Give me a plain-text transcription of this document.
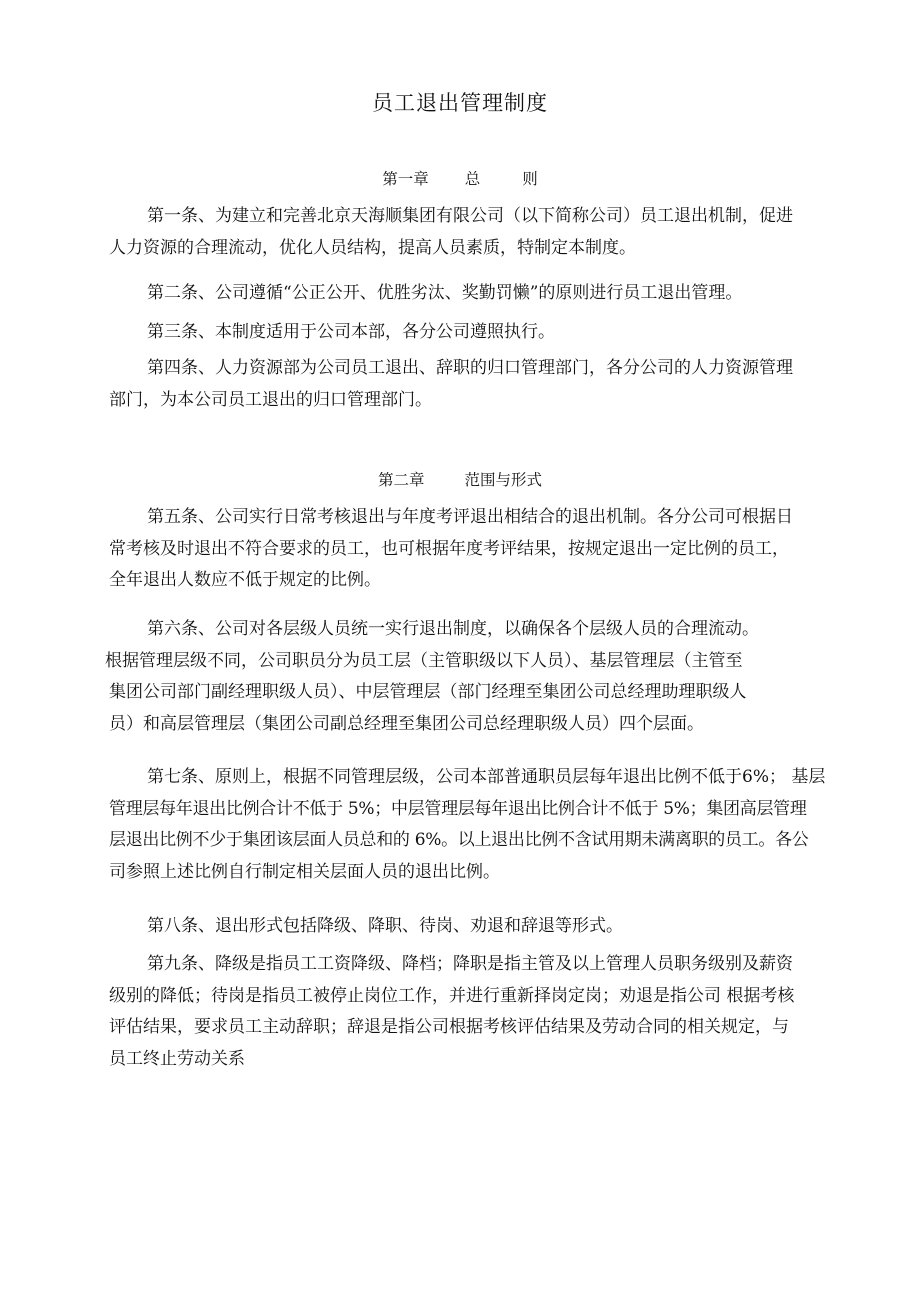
员工退出管理制度
第一章 总	则
第一条、为建立和完善北京天海顺集团有限公司（以下简称公司）员工退出机制，促进
人力资源的合理流动，优化人员结构，提高人员素质，特制定本制度。
第二条、公司遵循“公正公开、优胜劣汰、奖勤罚懒”的原则进行员工退出管理。
第三条、本制度适用于公司本部，各分公司遵照执行。
第四条、人力资源部为公司员工退出、辞职的归口管理部门，各分公司的人力资源管理
部门，为本公司员工退出的归口管理部门。
第二章	范围与形式
第五条、公司实行日常考核退出与年度考评退出相结合的退出机制。各分公司可根据日
常考核及时退出不符合要求的员工，也可根据年度考评结果，按规定退出一定比例的员工，
全年退出人数应不低于规定的比例。
第六条、公司对各层级人员统一实行退出制度，以确保各个层级人员的合理流动。
根据管理层级不同，公司职员分为员工层（主管职级以下人员）、基层管理层（主管至
集团公司部门副经理职级人员）、中层管理层（部门经理至集团公司总经理助理职级人
员）和高层管理层（集团公司副总经理至集团公司总经理职级人员）四个层面。
第七条、原则上，根据不同管理层级，公司本部普通职员层每年退出比例不低于6%； 基层
管理层每年退出比例合计不低于 5%；中层管理层每年退出比例合计不低于 5%；集团高层管理
层退出比例不少于集团该层面人员总和的 6%。以上退出比例不含试用期未满离职的员工。各公
司参照上述比例自行制定相关层面人员的退出比例。
第八条、退出形式包括降级、降职、待岗、劝退和辞退等形式。
第九条、降级是指员工工资降级、降档；降职是指主管及以上管理人员职务级别及薪资
级别的降低；待岗是指员工被停止岗位工作，并进行重新择岗定岗；劝退是指公司 根据考核
评估结果，要求员工主动辞职；辞退是指公司根据考核评估结果及劳动合同的相关规定，与
员工终止劳动关系
